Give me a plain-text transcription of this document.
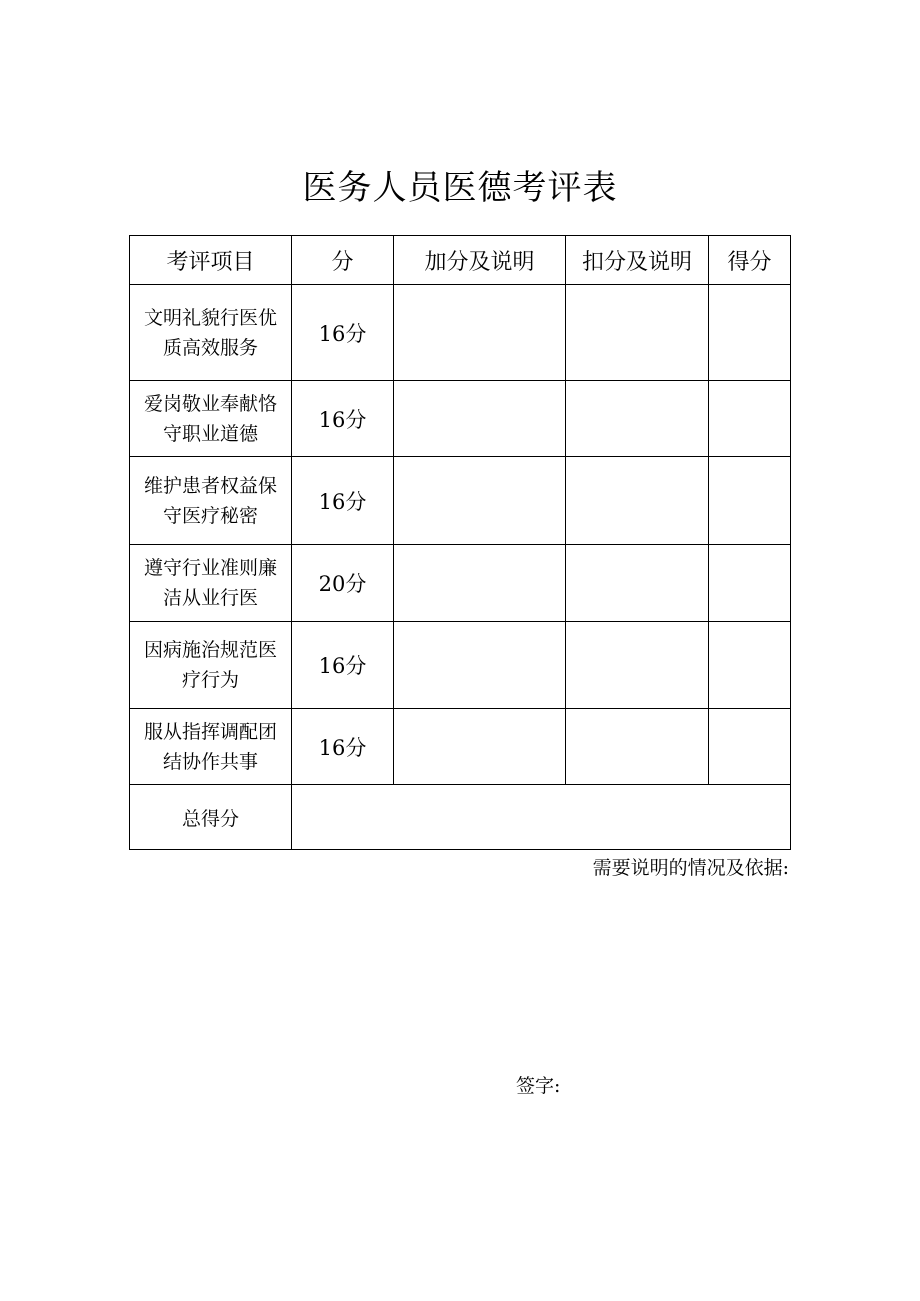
医务人员医德考评表
考评项目	分	加分及说明	扣分及说明	得分

文明礼貌行医优
质高效服务	16分			

爱岗敬业奉献恪
守职业道德	16分			

维护患者权益保
守医疗秘密	16分			

遵守行业准则廉
洁从业行医	20分			

因病施治规范医
疗行为	16分			

服从指挥调配团
结协作共事	16分			
总得分				
需要说明的情况及依据:
签字:
